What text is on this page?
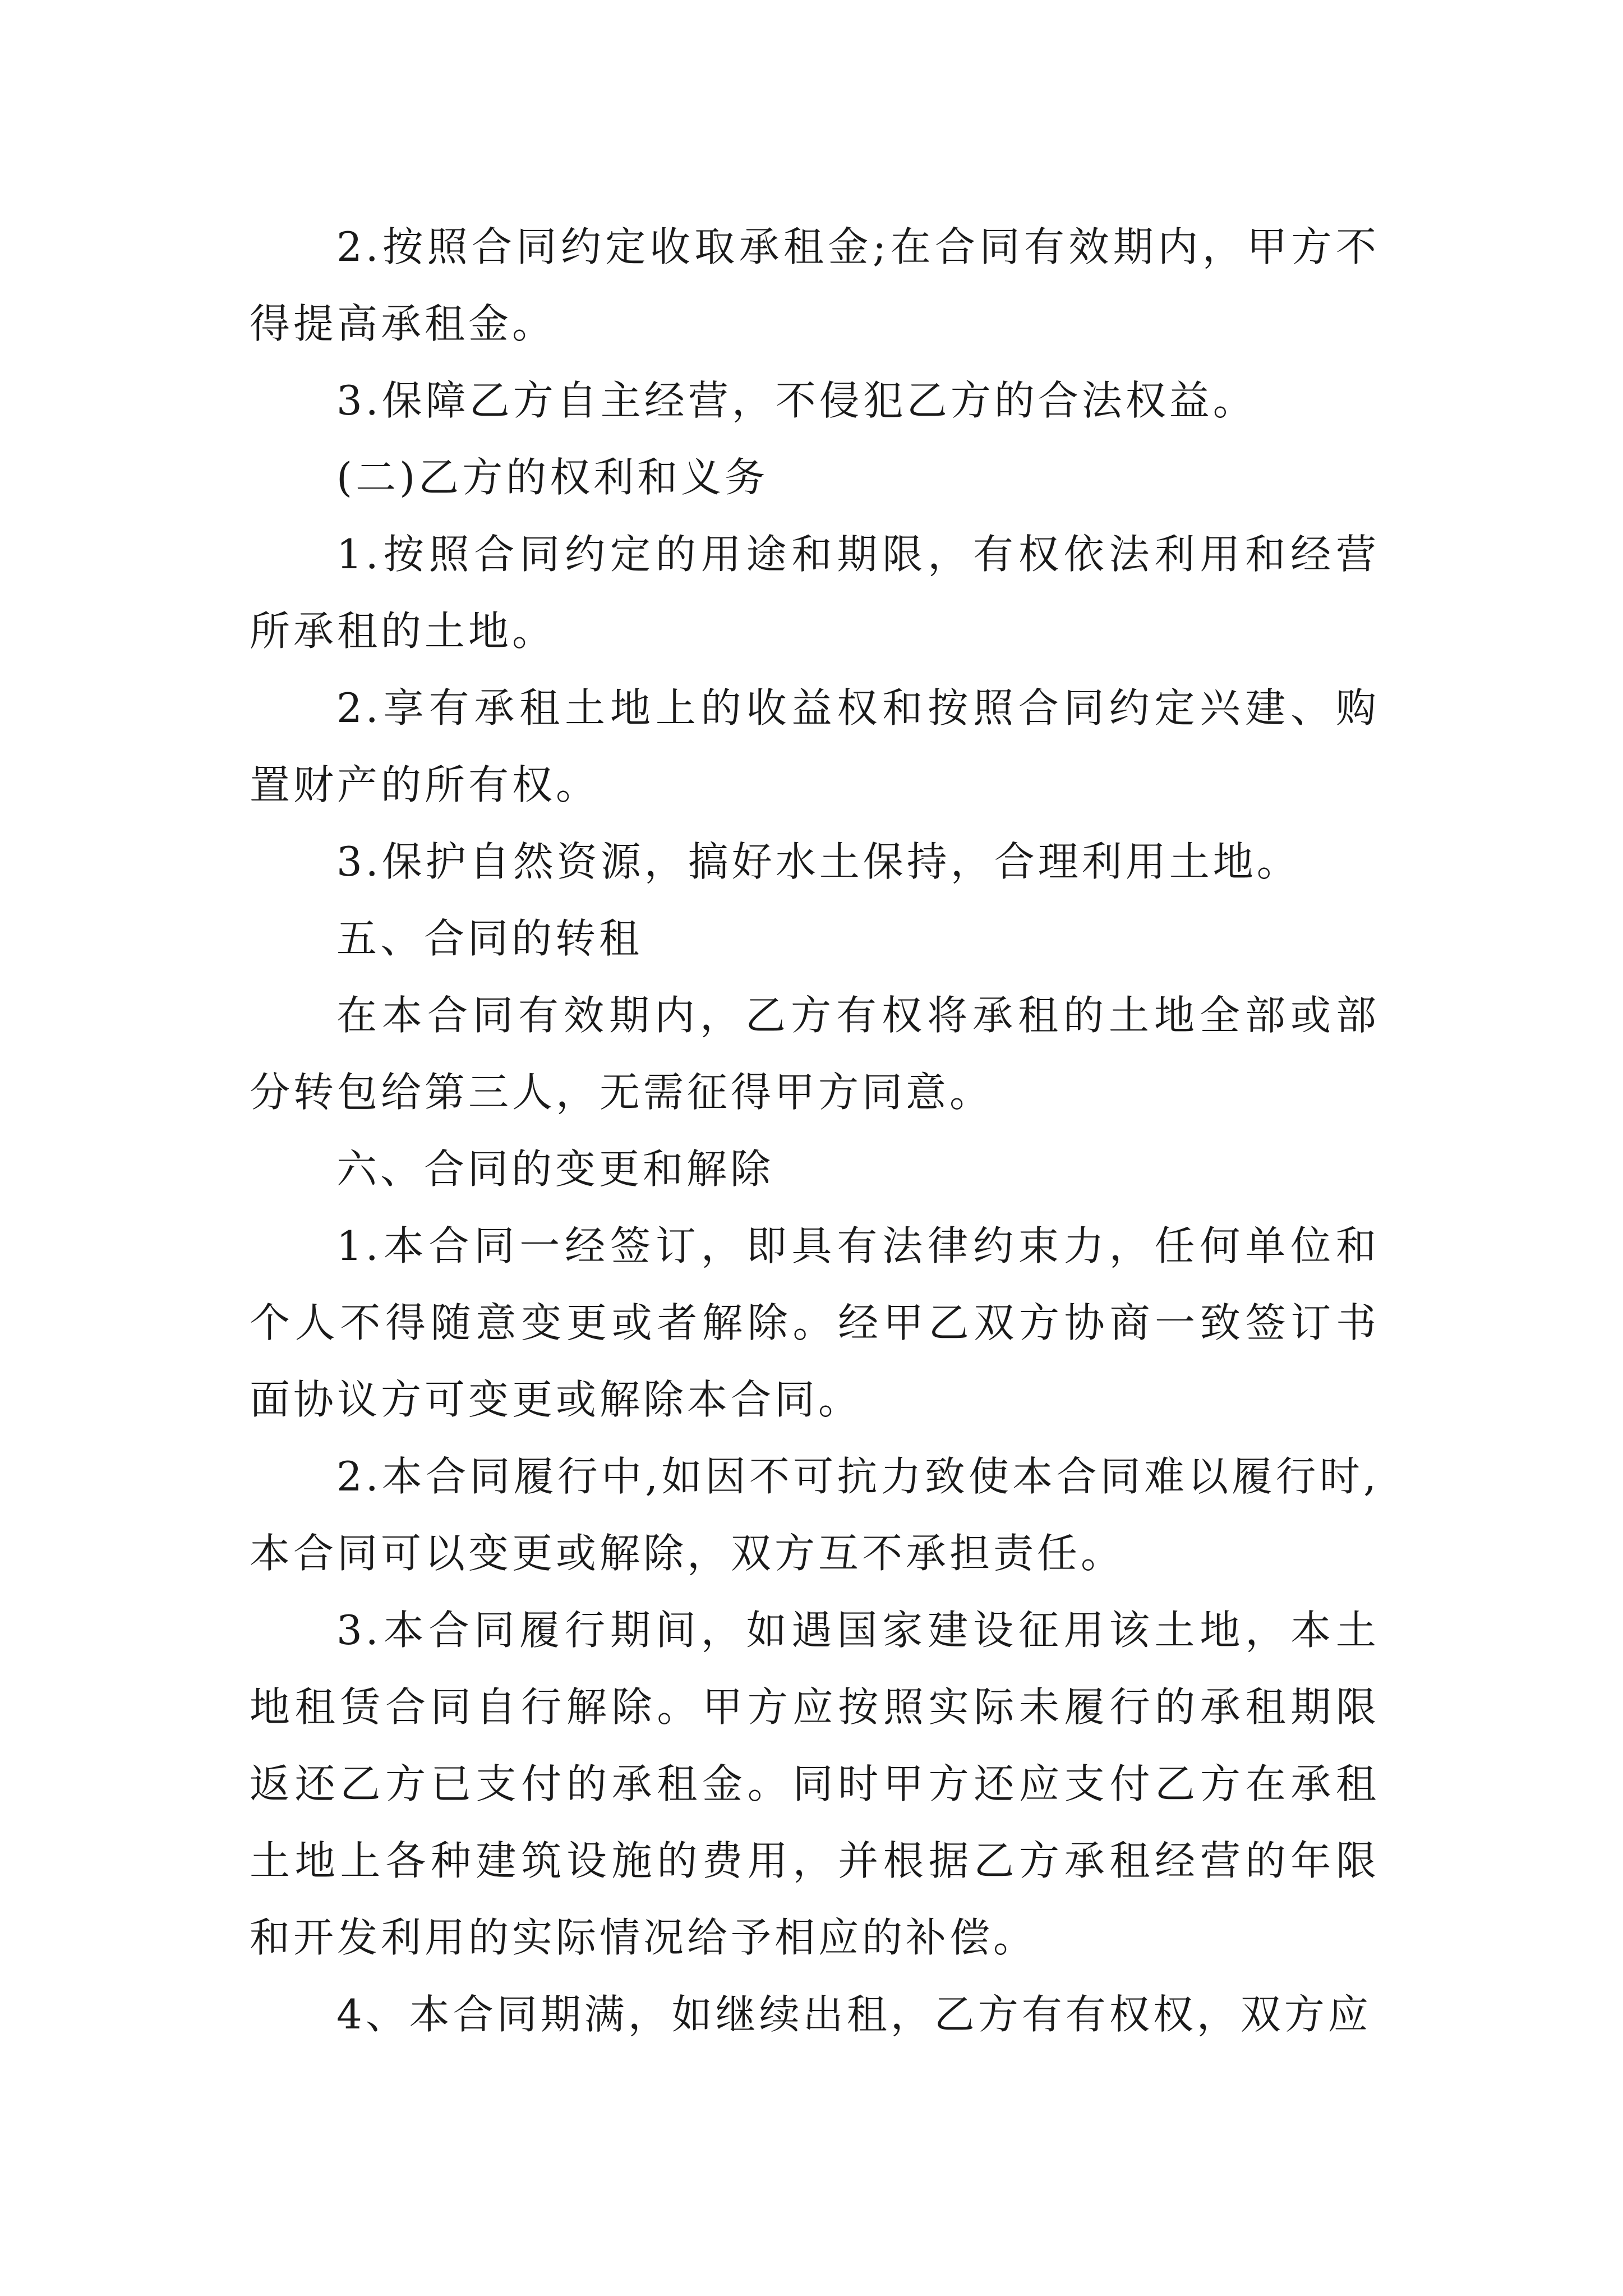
2.按照合同约定收取承租金;在合同有效期内，甲方不得提高承租金。

3.保障乙方自主经营，不侵犯乙方的合法权益。

(二)乙方的权利和义务

1.按照合同约定的用途和期限，有权依法利用和经营所承租的土地。

2.享有承租土地上的收益权和按照合同约定兴建、购置财产的所有权。

3.保护自然资源，搞好水土保持，合理利用土地。

五、合同的转租

在本合同有效期内，乙方有权将承租的土地全部或部分转包给第三人，无需征得甲方同意。

六、合同的变更和解除

1.本合同一经签订，即具有法律约束力，任何单位和个人不得随意变更或者解除。经甲乙双方协商一致签订书面协议方可变更或解除本合同。

2.本合同履行中,如因不可抗力致使本合同难以履行时,本合同可以变更或解除，双方互不承担责任。

3.本合同履行期间，如遇国家建设征用该土地，本土地租赁合同自行解除。甲方应按照实际未履行的承租期限返还乙方已支付的承租金。同时甲方还应支付乙方在承租土地上各种建筑设施的费用，并根据乙方承租经营的年限和开发利用的实际情况给予相应的补偿。

4、本合同期满，如继续出租，乙方有有权权，双方应
